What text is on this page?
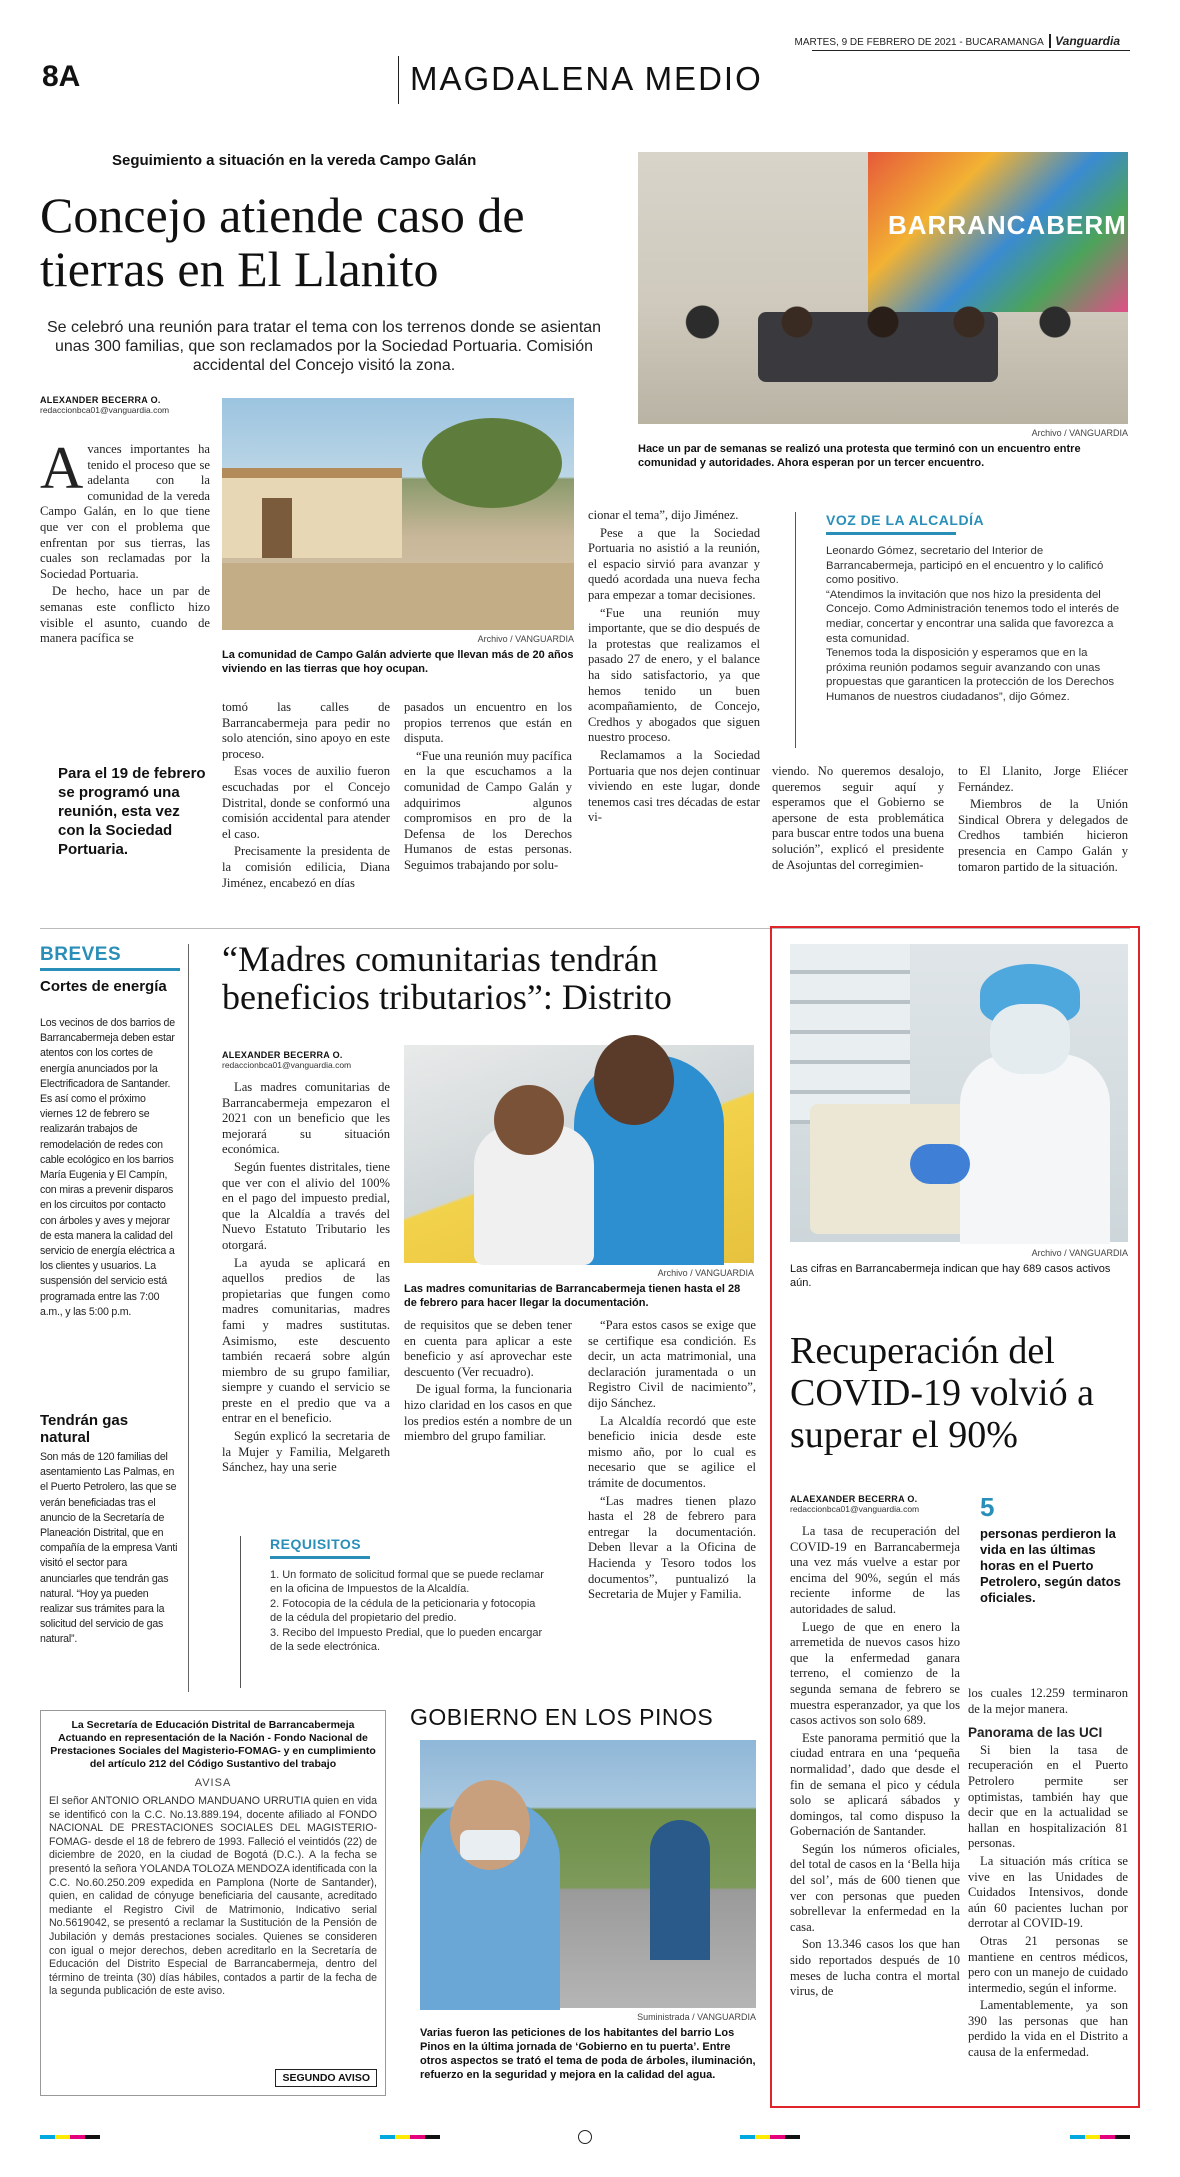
MARTES, 9 DE FEBRERO DE 2021 - BUCARAMANGA Vanguardia
8A	MAGDALENA MEDIO
Seguimiento a situación en la vereda Campo Galán
Concejo atiende caso de tierras en El Llanito
Se celebró una reunión para tratar el tema con los terrenos donde se asientan unas 300 familias, que son reclamados por la Sociedad Portuaria. Comisión accidental del Concejo visitó la zona.
ALEXANDER BECERRA O.
redaccionbca01@vanguardia.com
A vances importantes ha tenido el proceso que se adelanta con la comunidad de la vereda Campo Galán, en lo que tiene que ver con el problema que enfrentan por sus tierras, las cuales son reclamadas por la Sociedad Portuaria.

De hecho, hace un par de semanas este conflicto hizo visible el asunto, cuando de manera pacífica se	Archivo / VANGUARDIA
La comunidad de Campo Galán advierte que llevan más de 20 años viviendo en las tierras que hoy ocupan.
BARRANCABERMEJA
Archivo / VANGUARDIA
Hace un par de semanas se realizó una protesta que terminó con un encuentro entre comunidad y autoridades. Ahora esperan por un tercer encuentro.
VOZ DE LA ALCALDÍA

Leonardo Gómez, secretario del Interior de Barrancabermeja, participó en el encuentro y lo calificó como positivo.

“Atendimos la invitación que nos hizo la presidenta del Concejo. Como Administración tenemos todo el interés de mediar, concertar y encontrar una salida que favorezca a esta comunidad.

Tenemos toda la disposición y esperamos que en la próxima reunión podamos seguir avanzando con unas propuestas que garanticen la protección de los Derechos Humanos de nuestros ciudadanos”, dijo Gómez.

Para el 19 de febrero se programó una reunión, esta vez con la Sociedad Portuaria.

tomó las calles de Barrancabermeja para pedir no solo atención, sino apoyo en este proceso.

Esas voces de auxilio fueron escuchadas por el Concejo Distrital, donde se conformó una comisión accidental para atender el caso.

Precisamente la presidenta de la comisión edilicia, Diana Jiménez, encabezó en días

pasados un encuentro en los propios terrenos que están en disputa.

“Fue una reunión muy pacífica en la que escuchamos a la comunidad de Campo Galán y adquirimos algunos compromisos en pro de la Defensa de los Derechos Humanos de estas personas. Seguimos trabajando por solu-

cionar el tema”, dijo Jiménez.

Pese a que la Sociedad Portuaria no asistió a la reunión, el espacio sirvió para avanzar y quedó acordada una nueva fecha para empezar a tomar decisiones.

“Fue una reunión muy importante, que se dio después de la protestas que realizamos el pasado 27 de enero, y el balance ha sido satisfactorio, ya que hemos tenido un buen acompañamiento, de Concejo, Credhos y abogados que siguen nuestro proceso.

Reclamamos a la Sociedad Portuaria que nos dejen continuar viviendo en este lugar, donde tenemos casi tres décadas de estar vi-

viendo. No queremos desalojo, queremos seguir aquí y esperamos que el Gobierno se apersone de esta problemática para buscar entre todos una buena solución”, explicó el presidente de Asojuntas del corregimien-

to El Llanito, Jorge Eliécer Fernández.

Miembros de la Unión Sindical Obrera y delegados de Credhos también hicieron presencia en Campo Galán y tomaron partido de la situación.

BREVES
Cortes de energía
Los vecinos de dos barrios de Barrancabermeja deben estar atentos con los cortes de energía anunciados por la Electrificadora de Santander. Es así como el próximo viernes 12 de febrero se realizarán trabajos de remodelación de redes con cable ecológico en los barrios María Eugenia y El Campín, con miras a prevenir disparos en los circuitos por contacto con árboles y aves y mejorar de esta manera la calidad del servicio de energía eléctrica a los clientes y usuarios. La suspensión del servicio está programada entre las 7:00 a.m., y las 5:00 p.m.
Tendrán gas natural
Son más de 120 familias del asentamiento Las Palmas, en el Puerto Petrolero, las que se verán beneficiadas tras el anuncio de la Secretaría de Planeación Distrital, que en compañía de la empresa Vanti visitó el sector para anunciarles que tendrán gas natural. “Hoy ya pueden realizar sus trámites para la solicitud del servicio de gas natural”.
“Madres comunitarias tendrán beneficios tributarios”: Distrito
ALEXANDER BECERRA O.
redaccionbca01@vanguardia.com

Las madres comunitarias de Barrancabermeja empezaron el 2021 con un beneficio que les mejorará su situación económica.

Según fuentes distritales, tiene que ver con el alivio del 100% en el pago del impuesto predial, que la Alcaldía a través del Nuevo Estatuto Tributario les otorgará.

La ayuda se aplicará en aquellos predios de las propietarias que fungen como madres comunitarias, madres fami y madres sustitutas. Asimismo, este descuento también recaerá sobre algún miembro de su grupo familiar, siempre y cuando el servicio se preste en el predio que va a entrar en el beneficio.

Según explicó la secretaria de la Mujer y Familia, Melgareth Sánchez, hay una serie

Archivo / VANGUARDIA
Las madres comunitarias de Barrancabermeja tienen hasta el 28 de febrero para hacer llegar la documentación.

de requisitos que se deben tener en cuenta para aplicar a este beneficio y así aprovechar este descuento (Ver recuadro).

De igual forma, la funcionaria hizo claridad en los casos en que los predios estén a nombre de un miembro del grupo familiar.

“Para estos casos se exige que se certifique esa condición. Es decir, un acta matrimonial, una declaración juramentada o un Registro Civil de nacimiento”, dijo Sánchez.

La Alcaldía recordó que este beneficio inicia desde este mismo año, por lo cual es necesario que se agilice el trámite de documentos.

“Las madres tienen plazo hasta el 28 de febrero para entregar la documentación. Deben llevar a la Oficina de Hacienda y Tesoro todos los documentos”, puntualizó la Secretaria de Mujer y Familia.

REQUISITOS

1. Un formato de solicitud formal que se puede reclamar en la oficina de Impuestos de la Alcaldía.

2. Fotocopia de la cédula de la peticionaria y fotocopia de la cédula del propietario del predio.

3. Recibo del Impuesto Predial, que lo pueden encargar de la sede electrónica.

La Secretaría de Educación Distrital de Barrancabermeja Actuando en representación de la Nación - Fondo Nacional de Prestaciones Sociales del Magisterio-FOMAG- y en cumplimiento del artículo 212 del Código Sustantivo del trabajo
AVISA
El señor ANTONIO ORLANDO MANDUANO URRUTIA quien en vida se identificó con la C.C. No.13.889.194, docente afiliado al FONDO NACIONAL DE PRESTACIONES SOCIALES DEL MAGISTERIO- FOMAG- desde el 18 de febrero de 1993. Falleció el veintidós (22) de diciembre de 2020, en la ciudad de Bogotá (D.C.). A la fecha se presentó la señora YOLANDA TOLOZA MENDOZA identificada con la C.C. No.60.250.209 expedida en Pamplona (Norte de Santander), quien, en calidad de cónyuge beneficiaria del causante, acreditado mediante el Registro Civil de Matrimonio, Indicativo serial No.5619042, se presentó a reclamar la Sustitución de la Pensión de Jubilación y demás prestaciones sociales. Quienes se consideren con igual o mejor derechos, deben acreditarlo en la Secretaría de Educación del Distrito Especial de Barrancabermeja, dentro del término de treinta (30) días hábiles, contados a partir de la fecha de la segunda publicación de este aviso.
SEGUNDO AVISO
GOBIERNO EN LOS PINOS
Suministrada / VANGUARDIA
Varias fueron las peticiones de los habitantes del barrio Los Pinos en la última jornada de ‘Gobierno en tu puerta’. Entre otros aspectos se trató el tema de poda de árboles, iluminación, refuerzo en la seguridad y mejora en la calidad del agua.
Archivo / VANGUARDIA
Las cifras en Barrancabermeja indican que hay 689 casos activos aún.
Recuperación del COVID-19 volvió a superar el 90%
ALAEXANDER BECERRA O.
redaccionbca01@vanguardia.com 5
personas perdieron la vida en las últimas horas en el Puerto Petrolero, según datos oficiales.

La tasa de recuperación del COVID-19 en Barrancabermeja una vez más vuelve a estar por encima del 90%, según el más reciente informe de las autoridades de salud.

Luego de que en enero la arremetida de nuevos casos hizo que la enfermedad ganara terreno, el comienzo de la segunda semana de febrero se muestra esperanzador, ya que los casos activos son solo 689.

Este panorama permitió que la ciudad entrara en una ‘pequeña normalidad’, dado que desde el fin de semana el pico y cédula solo se aplicará sábados y domingos, tal como dispuso la Gobernación de Santander.

Según los números oficiales, del total de casos en la ‘Bella hija del sol’, más de 600 tienen que ver con personas que pueden sobrellevar la enfermedad en la casa.

Son 13.346 casos los que han sido reportados después de 10 meses de lucha contra el mortal virus, de

los cuales 12.259 terminaron de la mejor manera.

Panorama de las UCI

Si bien la tasa de recuperación en el Puerto Petrolero permite ser optimistas, también hay que decir que en la actualidad se hallan en hospitalización 81 personas.

La situación más crítica se vive en las Unidades de Cuidados Intensivos, donde aún 60 pacientes luchan por derrotar al COVID-19.

Otras 21 personas se mantiene en centros médicos, pero con un manejo de cuidado intermedio, según el informe.

Lamentablemente, ya son 390 las personas que han perdido la vida en el Distrito a causa de la enfermedad.
